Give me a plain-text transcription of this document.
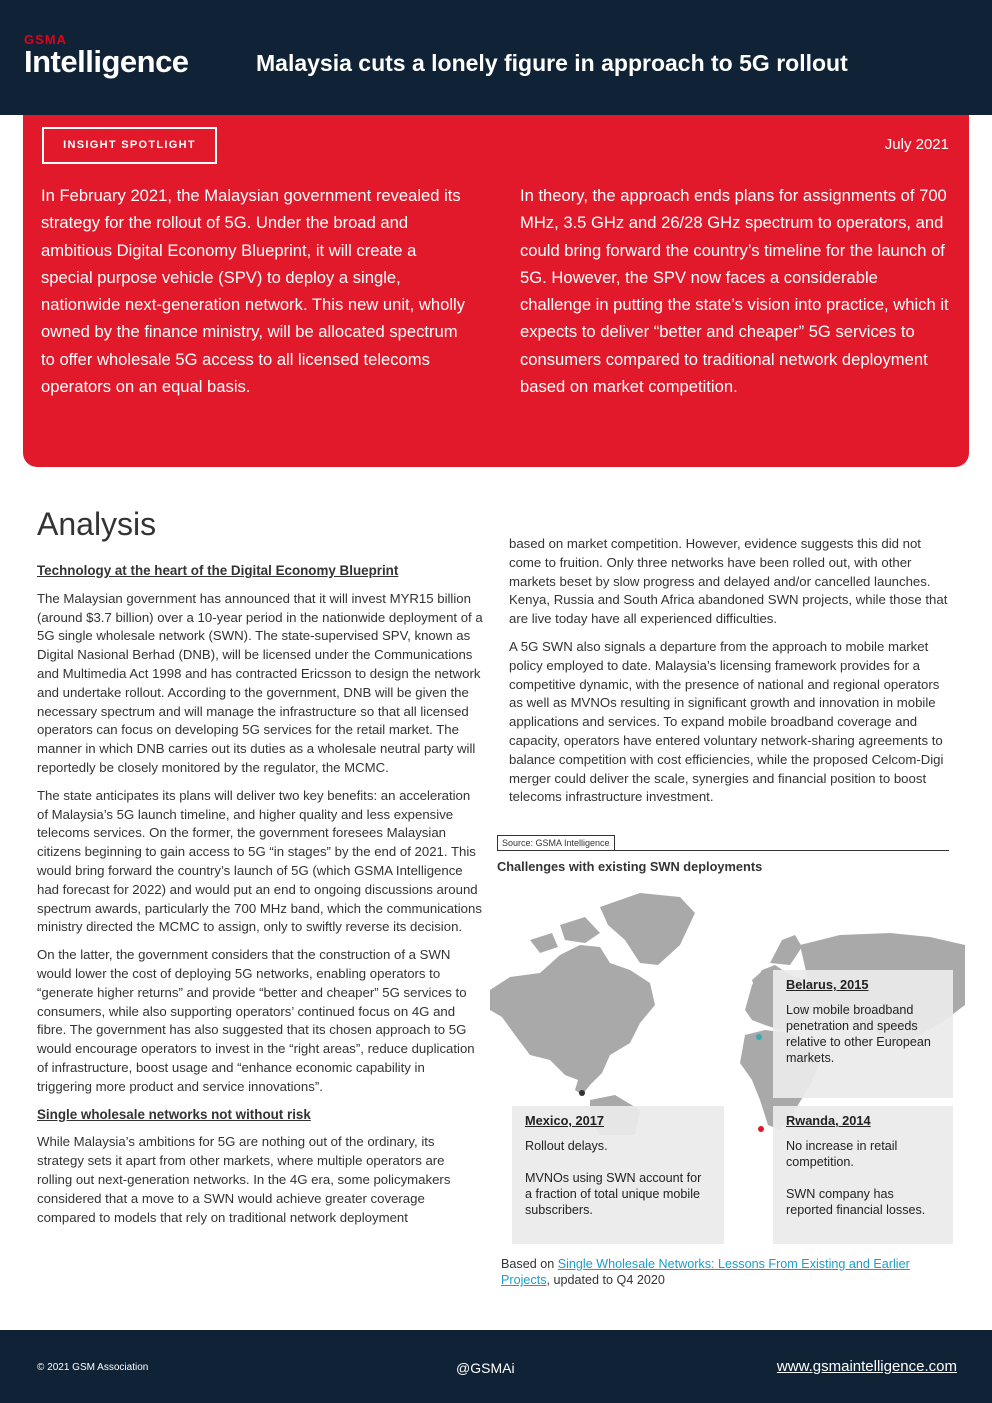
GSMA
Intelligence	Malaysia cuts a lonely figure in approach to 5G rollout
INSIGHT SPOTLIGHT	July 2021
In February 2021, the Malaysian government revealed its strategy for the rollout of 5G. Under the broad and ambitious Digital Economy Blueprint, it will create a special purpose vehicle (SPV) to deploy a single, nationwide next-generation network. This new unit, wholly owned by the finance ministry, will be allocated spectrum to offer wholesale 5G access to all licensed telecoms operators on an equal basis.
In theory, the approach ends plans for assignments of 700 MHz, 3.5 GHz and 26/28 GHz spectrum to operators, and could bring forward the country’s timeline for the launch of 5G. However, the SPV now faces a considerable challenge in putting the state’s vision into practice, which it expects to deliver “better and cheaper” 5G services to consumers compared to traditional network deployment based on market competition.
Analysis
Technology at the heart of the Digital Economy Blueprint

The Malaysian government has announced that it will invest MYR15 billion (around $3.7 billion) over a 10-year period in the nationwide deployment of a 5G single wholesale network (SWN). The state-supervised SPV, known as Digital Nasional Berhad (DNB), will be licensed under the Communications and Multimedia Act 1998 and has contracted Ericsson to design the network and undertake rollout. According to the government, DNB will be given the necessary spectrum and will manage the infrastructure so that all licensed operators can focus on developing 5G services for the retail market. The manner in which DNB carries out its duties as a wholesale neutral party will reportedly be closely monitored by the regulator, the MCMC.

The state anticipates its plans will deliver two key benefits: an acceleration of Malaysia’s 5G launch timeline, and higher quality and less expensive telecoms services. On the former, the government foresees Malaysian citizens beginning to gain access to 5G “in stages” by the end of 2021. This would bring forward the country’s launch of 5G (which GSMA Intelligence had forecast for 2022) and would put an end to ongoing discussions around spectrum awards, particularly the 700 MHz band, which the communications ministry directed the MCMC to assign, only to swiftly reverse its decision.

On the latter, the government considers that the construction of a SWN would lower the cost of deploying 5G networks, enabling operators to “generate higher returns” and provide “better and cheaper” 5G services to consumers, while also supporting operators’ continued focus on 4G and fibre. The government has also suggested that its chosen approach to 5G would encourage operators to invest in the “right areas”, reduce duplication of infrastructure, boost usage and “enhance economic capability in triggering more product and service innovations”.

Single wholesale networks not without risk

While Malaysia’s ambitions for 5G are nothing out of the ordinary, its strategy sets it apart from other markets, where multiple operators are rolling out next-generation networks. In the 4G era, some policymakers considered that a move to a SWN would achieve greater coverage compared to models that rely on traditional network deployment

based on market competition. However, evidence suggests this did not come to fruition. Only three networks have been rolled out, with other markets beset by slow progress and delayed and/or cancelled launches. Kenya, Russia and South Africa abandoned SWN projects, while those that are live today have all experienced difficulties.

A 5G SWN also signals a departure from the approach to mobile market policy employed to date. Malaysia’s licensing framework provides for a competitive dynamic, with the presence of national and regional operators as well as MVNOs resulting in significant growth and innovation in mobile applications and services. To expand mobile broadband coverage and capacity, operators have entered voluntary network-sharing agreements to balance competition with cost efficiencies, while the proposed Celcom-Digi merger could deliver the scale, synergies and financial position to boost telecoms infrastructure investment.

Source: GSMA Intelligence
Challenges with existing SWN deployments
Belarus, 2015

Low mobile broadband penetration and speeds relative to other European markets.

Mexico, 2017

Rollout delays.

MVNOs using SWN account for a fraction of total unique mobile subscribers.

Rwanda, 2014

No increase in retail competition.

SWN company has reported financial losses.

Based on Single Wholesale Networks: Lessons From Existing and Earlier Projects, updated to Q4 2020
© 2021 GSM Association	@GSMAi	www.gsmaintelligence.com
